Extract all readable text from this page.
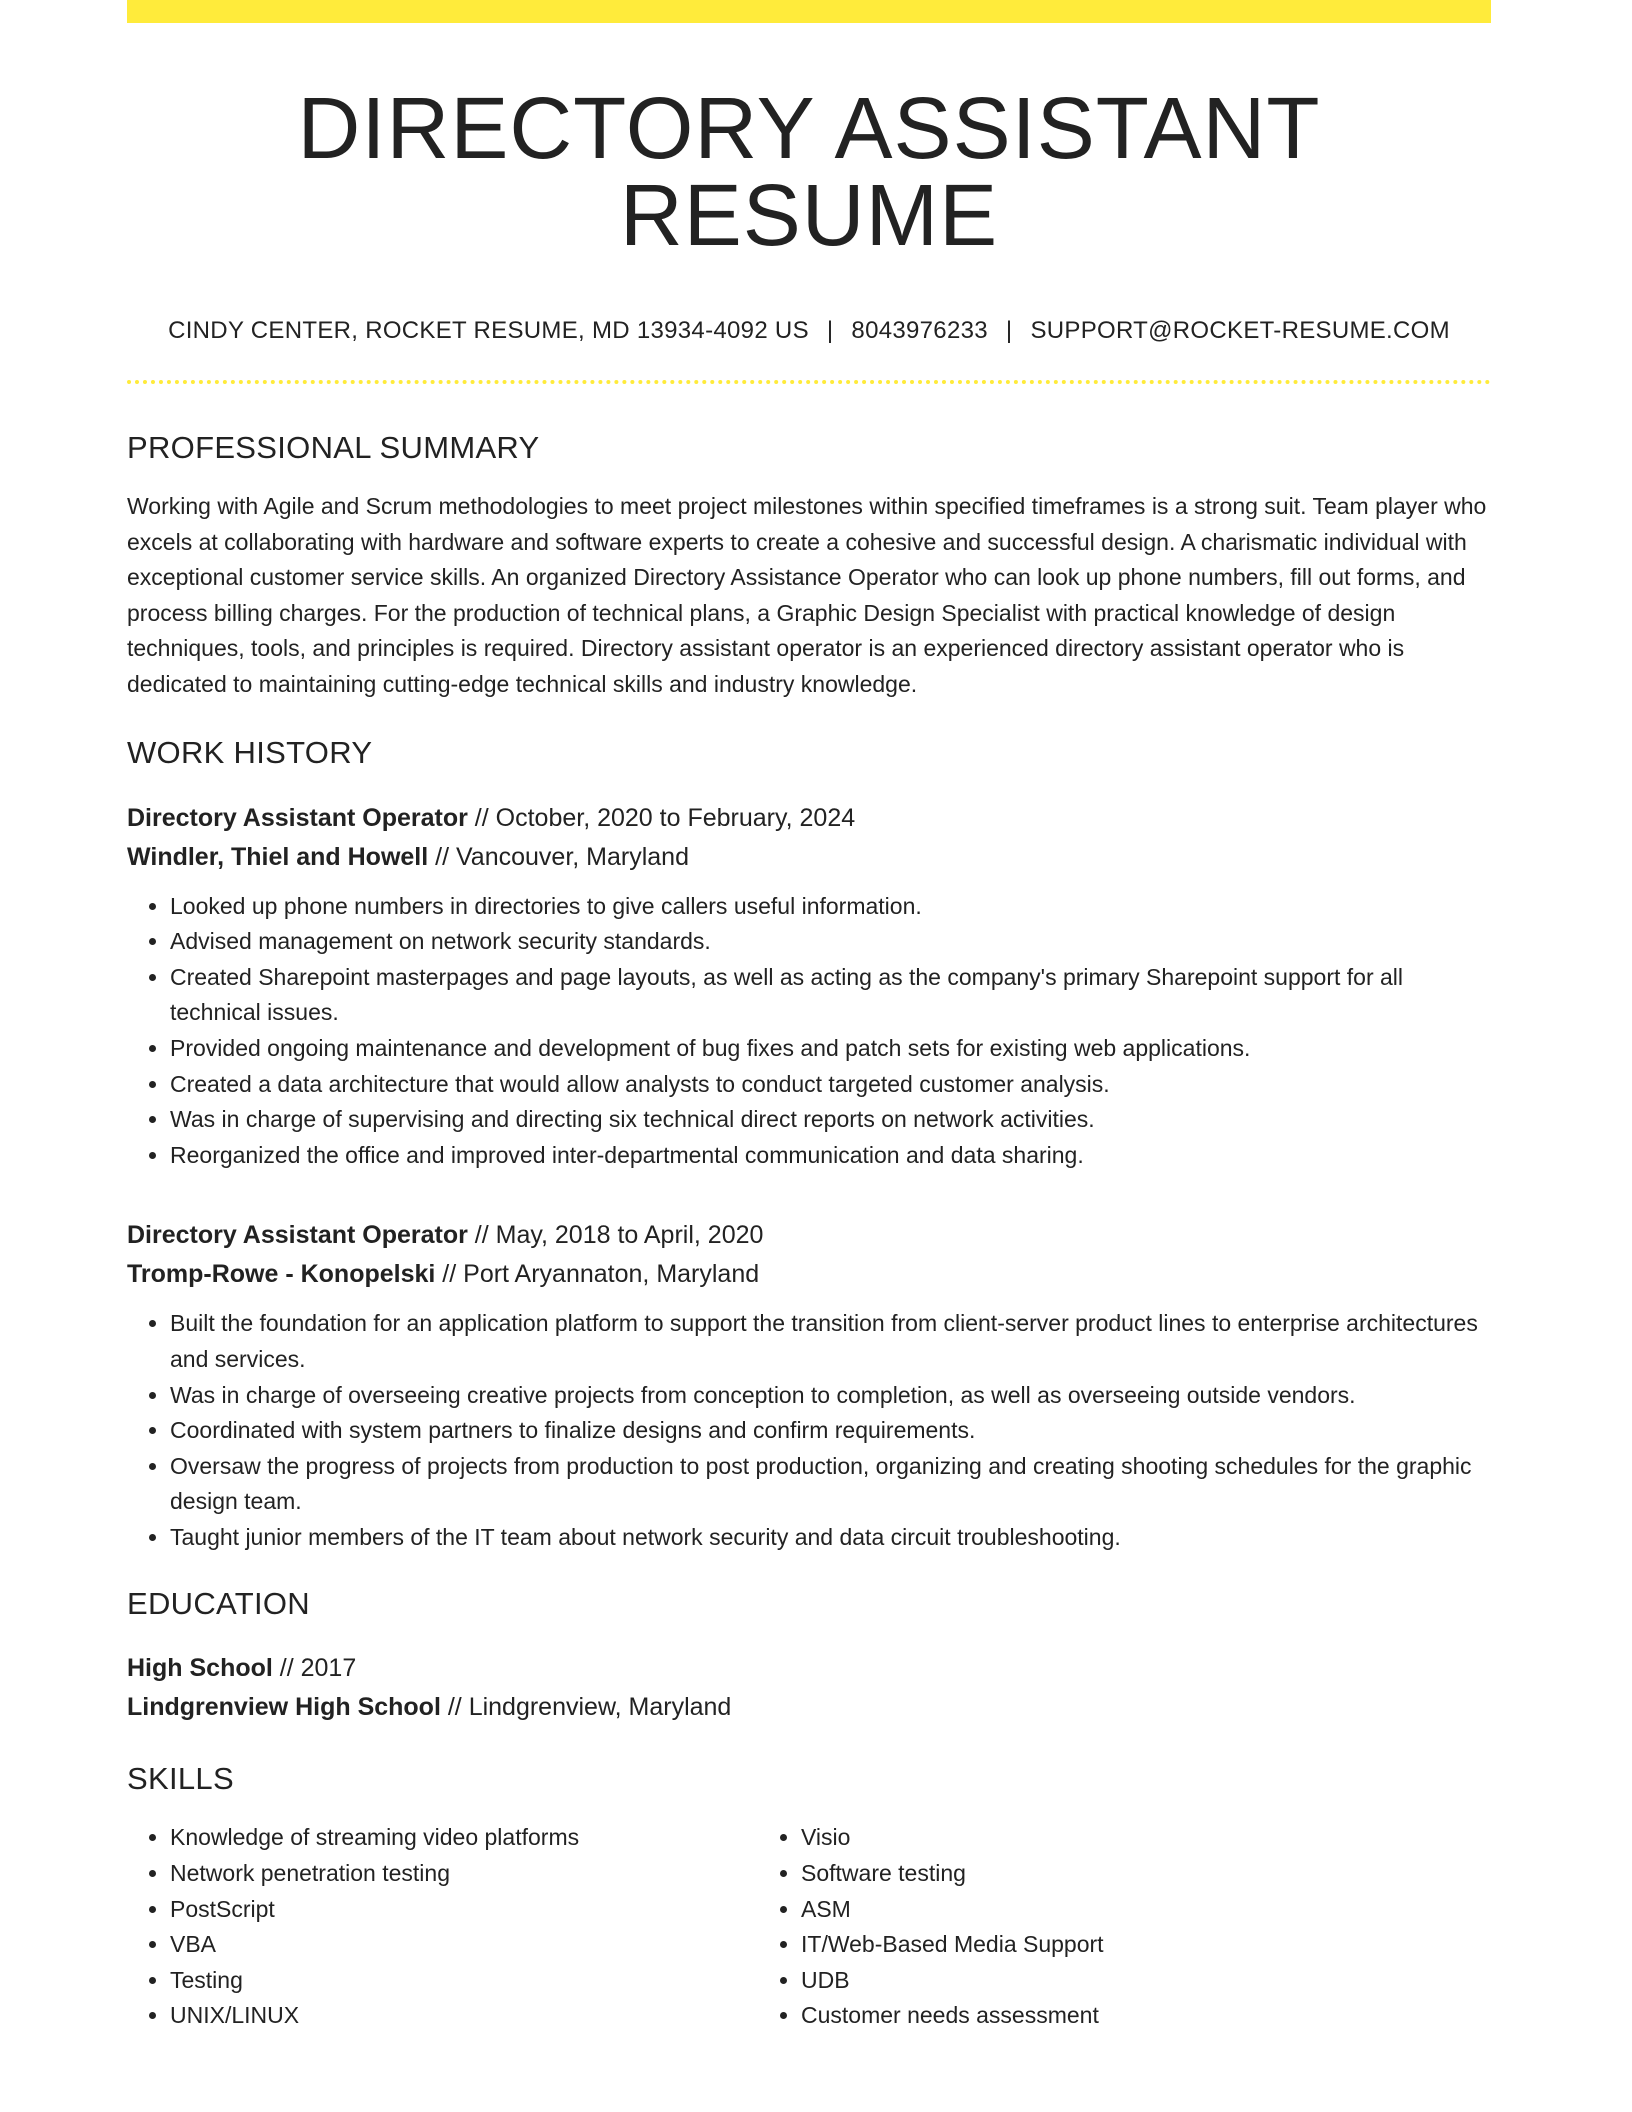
DIRECTORY ASSISTANT RESUME
CINDY CENTER, ROCKET RESUME, MD 13934-4092 US | 8043976233 | SUPPORT@ROCKET-RESUME.COM
PROFESSIONAL SUMMARY

Working with Agile and Scrum methodologies to meet project milestones within specified timeframes is a strong suit. Team player who excels at collaborating with hardware and software experts to create a cohesive and successful design. A charismatic individual with exceptional customer service skills. An organized Directory Assistance Operator who can look up phone numbers, fill out forms, and process billing charges. For the production of technical plans, a Graphic Design Specialist with practical knowledge of design techniques, tools, and principles is required. Directory assistant operator is an experienced directory assistant operator who is dedicated to maintaining cutting-edge technical skills and industry knowledge.

WORK HISTORY
Directory Assistant Operator // October, 2020 to February, 2024
Windler, Thiel and Howell // Vancouver, Maryland
• Looked up phone numbers in directories to give callers useful information.
• Advised management on network security standards.
• Created Sharepoint masterpages and page layouts, as well as acting as the company's primary Sharepoint support for all technical issues.
• Provided ongoing maintenance and development of bug fixes and patch sets for existing web applications.
• Created a data architecture that would allow analysts to conduct targeted customer analysis.
• Was in charge of supervising and directing six technical direct reports on network activities.
• Reorganized the office and improved inter-departmental communication and data sharing.
Directory Assistant Operator // May, 2018 to April, 2020
Tromp-Rowe - Konopelski // Port Aryannaton, Maryland
• Built the foundation for an application platform to support the transition from client-server product lines to enterprise architectures and services.
• Was in charge of overseeing creative projects from conception to completion, as well as overseeing outside vendors.
• Coordinated with system partners to finalize designs and confirm requirements.
• Oversaw the progress of projects from production to post production, organizing and creating shooting schedules for the graphic design team.
• Taught junior members of the IT team about network security and data circuit troubleshooting.
EDUCATION
High School // 2017
Lindgrenview High School // Lindgrenview, Maryland
SKILLS
• Knowledge of streaming video platforms
• Network penetration testing
• PostScript
• VBA
• Testing
• UNIX/LINUX
• Visio
• Software testing
• ASM
• IT/Web-Based Media Support
• UDB
• Customer needs assessment
